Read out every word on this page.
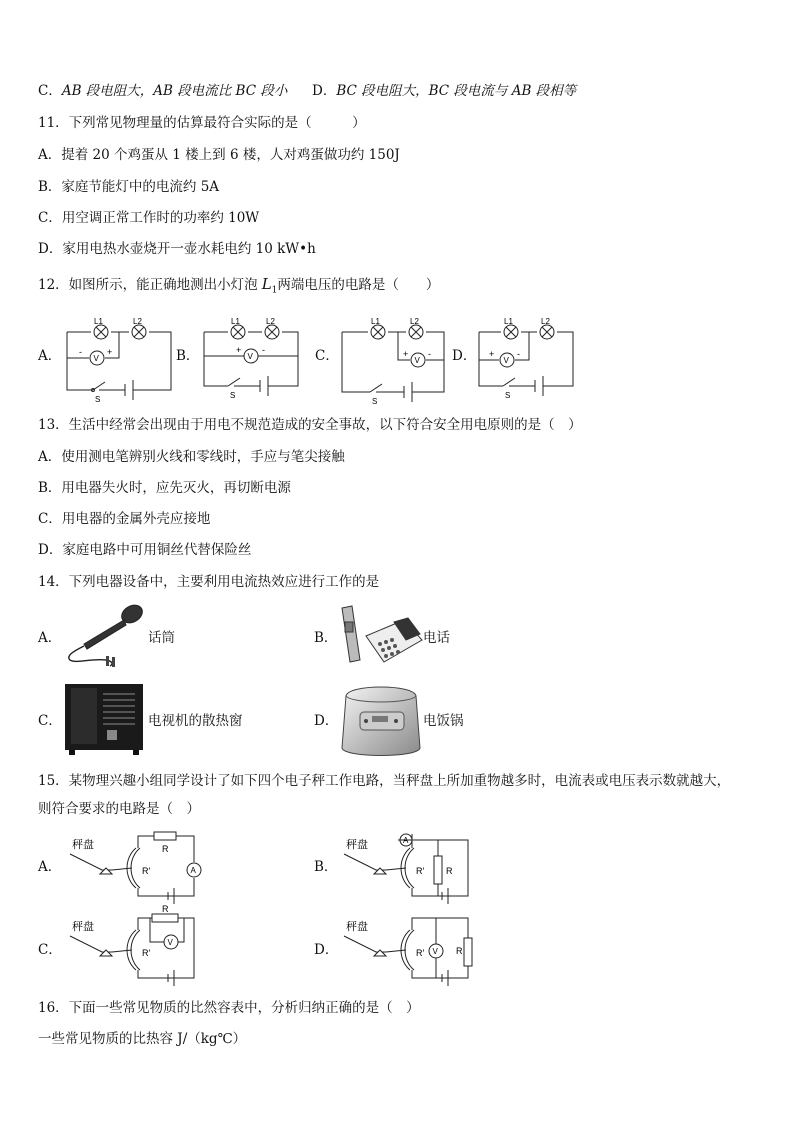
C．AB 段电阻大，AB 段电流比 BC 段小 D．BC 段电阻大，BC 段电流与 AB 段相等
11．下列常见物理量的估算最符合实际的是（　　　）
A．提着 20 个鸡蛋从 1 楼上到 6 楼，人对鸡蛋做功约 150J
B．家庭节能灯中的电流约 5A
C．用空调正常工作时的功率约 10W
D．家用电热水壶烧开一壶水耗电约 10 kW•h
12．如图所示，能正确地测出小灯泡 $L_1$两端电压的电路是（　　）
A．	B．	C．	D．
L1	L2
V
-	+
S
L1	L2
V
+ -
S
L1	L2
V
+ -
S
L1	L2
V
+	-
S
13．生活中经常会出现由于用电不规范造成的安全事故，以下符合安全用电原则的是（　）
A．使用测电笔辨别火线和零线时，手应与笔尖接触
B．用电器失火时，应先灭火，再切断电源
C．用电器的金属外壳应接地
D．家庭电路中可用铜丝代替保险丝
14．下列电器设备中，主要利用电流热效应进行工作的是
A．	话筒	B．	电话
C．	电视机的散热窗	D．	电饭锅
15．某物理兴趣小组同学设计了如下四个电子秤工作电路，当秤盘上所加重物越多时，电流表或电压表示数就越大，
则符合要求的电路是（　）
A．
秤盘	R
R′	A	B．
秤盘
R
R′
A
C．
秤盘
R
R′
V	D．
秤盘
R
R′ V
16．下面一些常见物质的比然容表中，分析归纳正确的是（　）
一些常见物质的比热容 J/（kg℃）
